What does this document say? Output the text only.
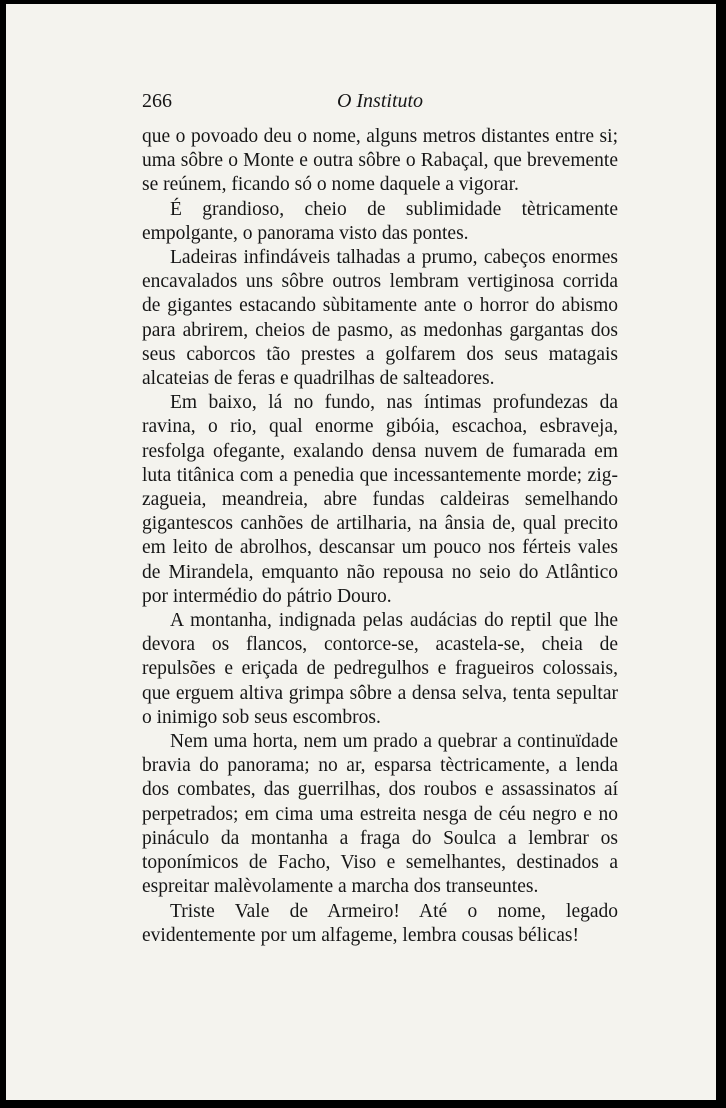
266	O Instituto

que o povoado deu o nome, alguns metros distantes entre si; uma sôbre o Monte e outra sôbre o Rabaçal, que brevemente se reúnem, ficando só o nome daquele a vigorar.

É grandioso, cheio de sublimidade tètricamente empolgante, o panorama visto das pontes.

Ladeiras infindáveis talhadas a prumo, cabeços enormes encavalados uns sôbre outros lembram vertiginosa corrida de gigantes estacando sùbitamente ante o horror do abismo para abrirem, cheios de pasmo, as medonhas gargantas dos seus caborcos tão prestes a golfarem dos seus matagais alcateias de feras e quadrilhas de salteadores.

Em baixo, lá no fundo, nas íntimas profundezas da ravina, o rio, qual enorme gibóia, escachoa, esbraveja, resfolga ofegante, exalando densa nuvem de fumarada em luta titânica com a penedia que incessantemente morde; zig-zagueia, meandreia, abre fundas caldeiras semelhando gigantescos canhões de artilharia, na ânsia de, qual precito em leito de abrolhos, descansar um pouco nos férteis vales de Mirandela, emquanto não repousa no seio do Atlântico por intermédio do pátrio Douro.

A montanha, indignada pelas audácias do reptil que lhe devora os flancos, contorce-se, acastela-se, cheia de repulsões e eriçada de pedregulhos e fragueiros colossais, que erguem altiva grimpa sôbre a densa selva, tenta sepultar o inimigo sob seus escombros.

Nem uma horta, nem um prado a quebrar a continuïdade bravia do panorama; no ar, esparsa tèctricamente, a lenda dos combates, das guerrilhas, dos roubos e assassinatos aí perpetrados; em cima uma estreita nesga de céu negro e no pináculo da montanha a fraga do Soulca a lembrar os toponímicos de Facho, Viso e semelhantes, destinados a espreitar malèvolamente a marcha dos transeuntes.

Triste Vale de Armeiro! Até o nome, legado evidentemente por um alfageme, lembra cousas bélicas!
